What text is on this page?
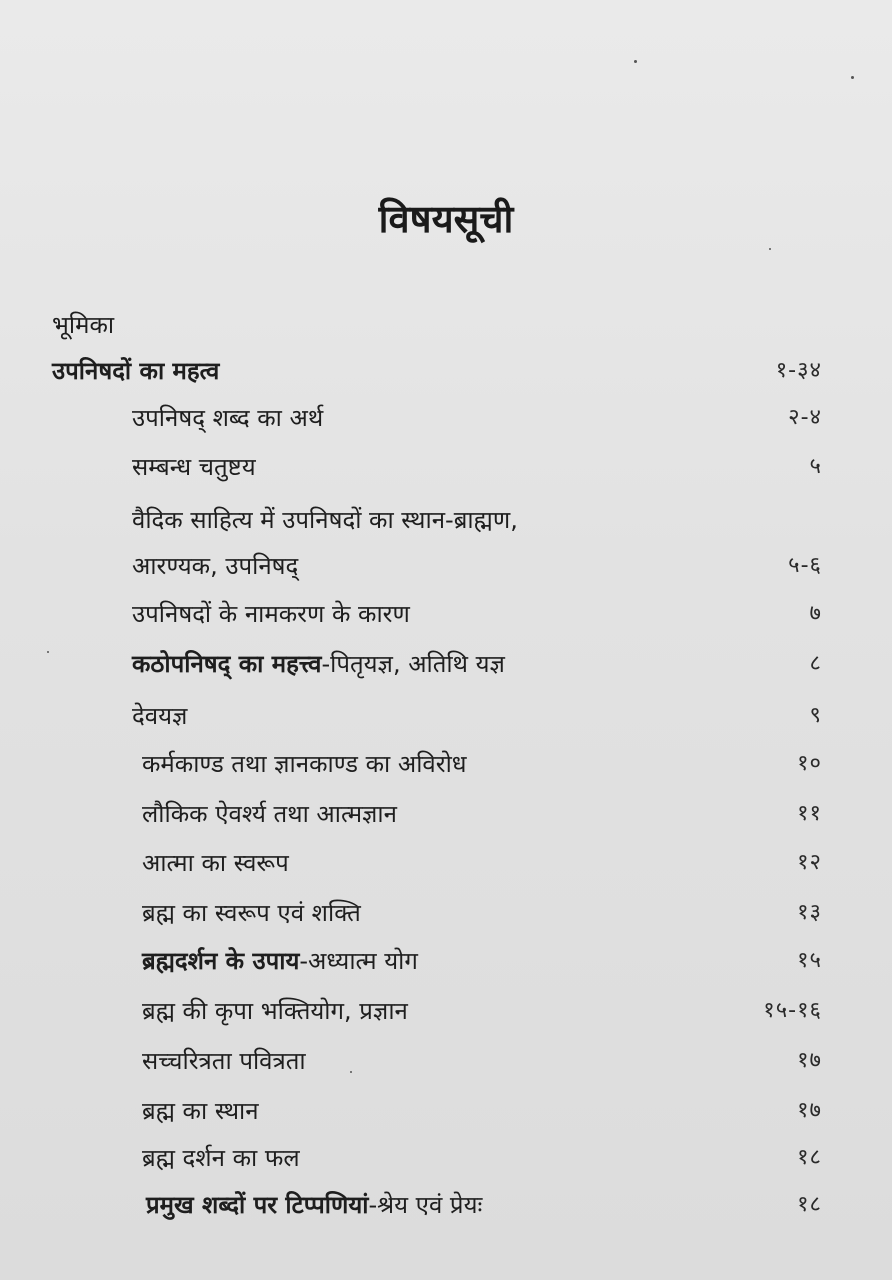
विषयसूची
भूमिका
उपनिषदों का महत्व	१-३४
उपनिषद् शब्द का अर्थ	२-४
सम्बन्ध चतुष्टय	५
वैदिक साहित्य में उपनिषदों का स्थान-ब्राह्मण,
आरण्यक, उपनिषद्	५-६
उपनिषदों के नामकरण के कारण	७
कठोपनिषद् का महत्त्व-पितृयज्ञ, अतिथि यज्ञ	८
देवयज्ञ	९
कर्मकाण्ड तथा ज्ञानकाण्ड का अविरोध	१०
लौकिक ऐवर्श्य तथा आत्मज्ञान	११
आत्मा का स्वरूप	१२
ब्रह्म का स्वरूप एवं शक्ति	१३
ब्रह्मदर्शन के उपाय-अध्यात्म योग	१५
ब्रह्म की कृपा भक्तियोग, प्रज्ञान	१५-१६
सच्चरित्रता पवित्रता	१७
ब्रह्म का स्थान	१७
ब्रह्म दर्शन का फल	१८
प्रमुख शब्दों पर टिप्पणियां-श्रेय एवं प्रेयः	१८
